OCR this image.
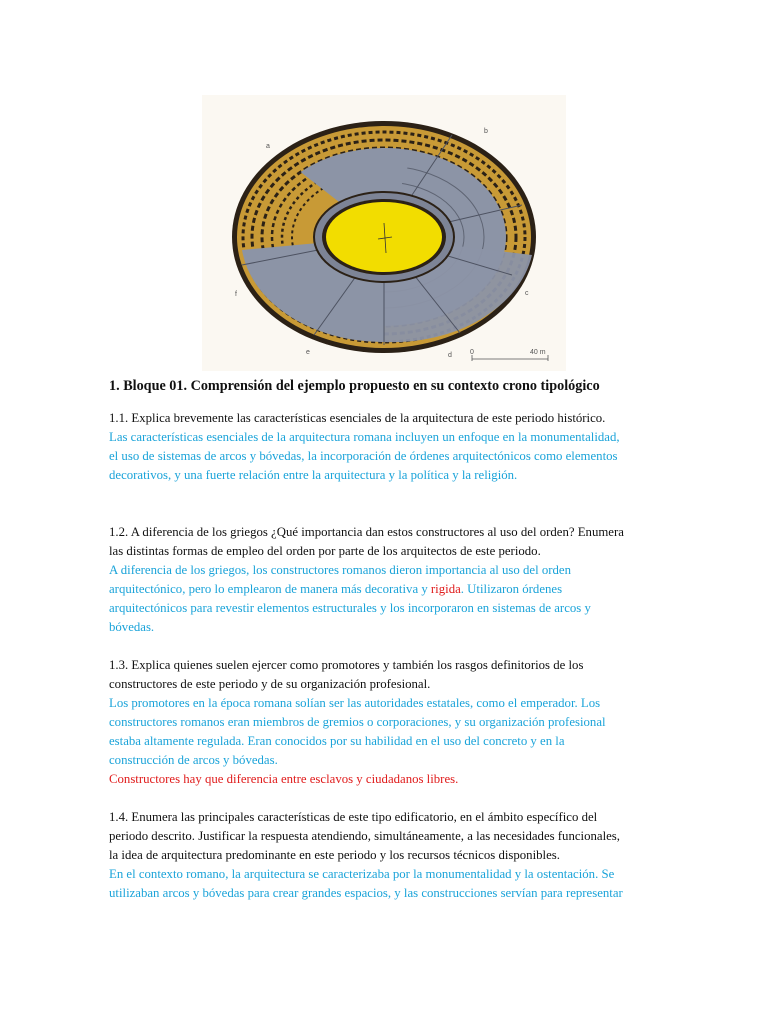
a
b
c
d
e
f
0	40 m
1. Bloque 01. Comprensión del ejemplo propuesto en su contexto crono tipológico

1.1. Explica brevemente las características esenciales de la arquitectura de este periodo histórico.

Las características esenciales de la arquitectura romana incluyen un enfoque en la monumentalidad,

el uso de sistemas de arcos y bóvedas, la incorporación de órdenes arquitectónicos como elementos

decorativos, y una fuerte relación entre la arquitectura y la política y la religión.

1.2. A diferencia de los griegos ¿Qué importancia dan estos constructores al uso del orden? Enumera

las distintas formas de empleo del orden por parte de los arquitectos de este periodo.

A diferencia de los griegos, los constructores romanos dieron importancia al uso del orden

arquitectónico, pero lo emplearon de manera más decorativa y rigida. Utilizaron órdenes

arquitectónicos para revestir elementos estructurales y los incorporaron en sistemas de arcos y

bóvedas.

1.3. Explica quienes suelen ejercer como promotores y también los rasgos definitorios de los

constructores de este periodo y de su organización profesional.

Los promotores en la época romana solían ser las autoridades estatales, como el emperador. Los

constructores romanos eran miembros de gremios o corporaciones, y su organización profesional

estaba altamente regulada. Eran conocidos por su habilidad en el uso del concreto y en la

construcción de arcos y bóvedas.

Constructores hay que diferencia entre esclavos y ciudadanos libres.

1.4. Enumera las principales características de este tipo edificatorio, en el ámbito específico del

periodo descrito. Justificar la respuesta atendiendo, simultáneamente, a las necesidades funcionales,

la idea de arquitectura predominante en este periodo y los recursos técnicos disponibles.

En el contexto romano, la arquitectura se caracterizaba por la monumentalidad y la ostentación. Se

utilizaban arcos y bóvedas para crear grandes espacios, y las construcciones servían para representar
